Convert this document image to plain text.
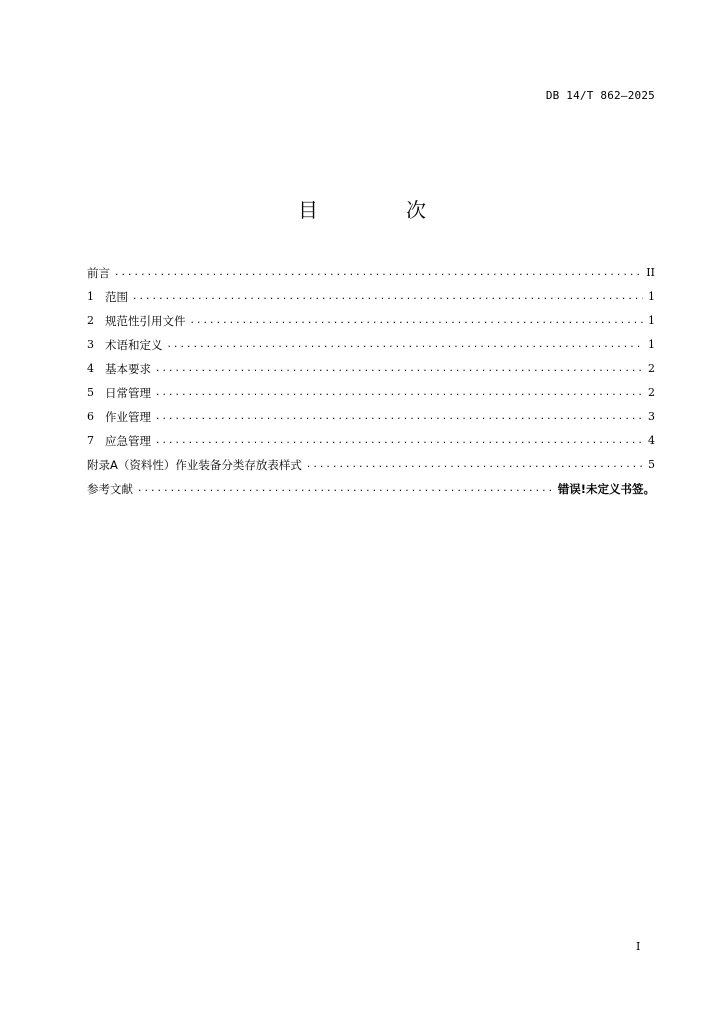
DB 14/T 862—2025
目　次
前言 .....	II
1 范围 .....	1
2 规范性引用文件 .....	1
3 术语和定义 .....	1
4 基本要求 .....	2
5 日常管理 .....	2
6 作业管理 .....	3
7 应急管理 .....	4
附录A（资料性）作业装备分类存放表样式 .....	5
参考文献 .....	错误!未定义书签。
I
